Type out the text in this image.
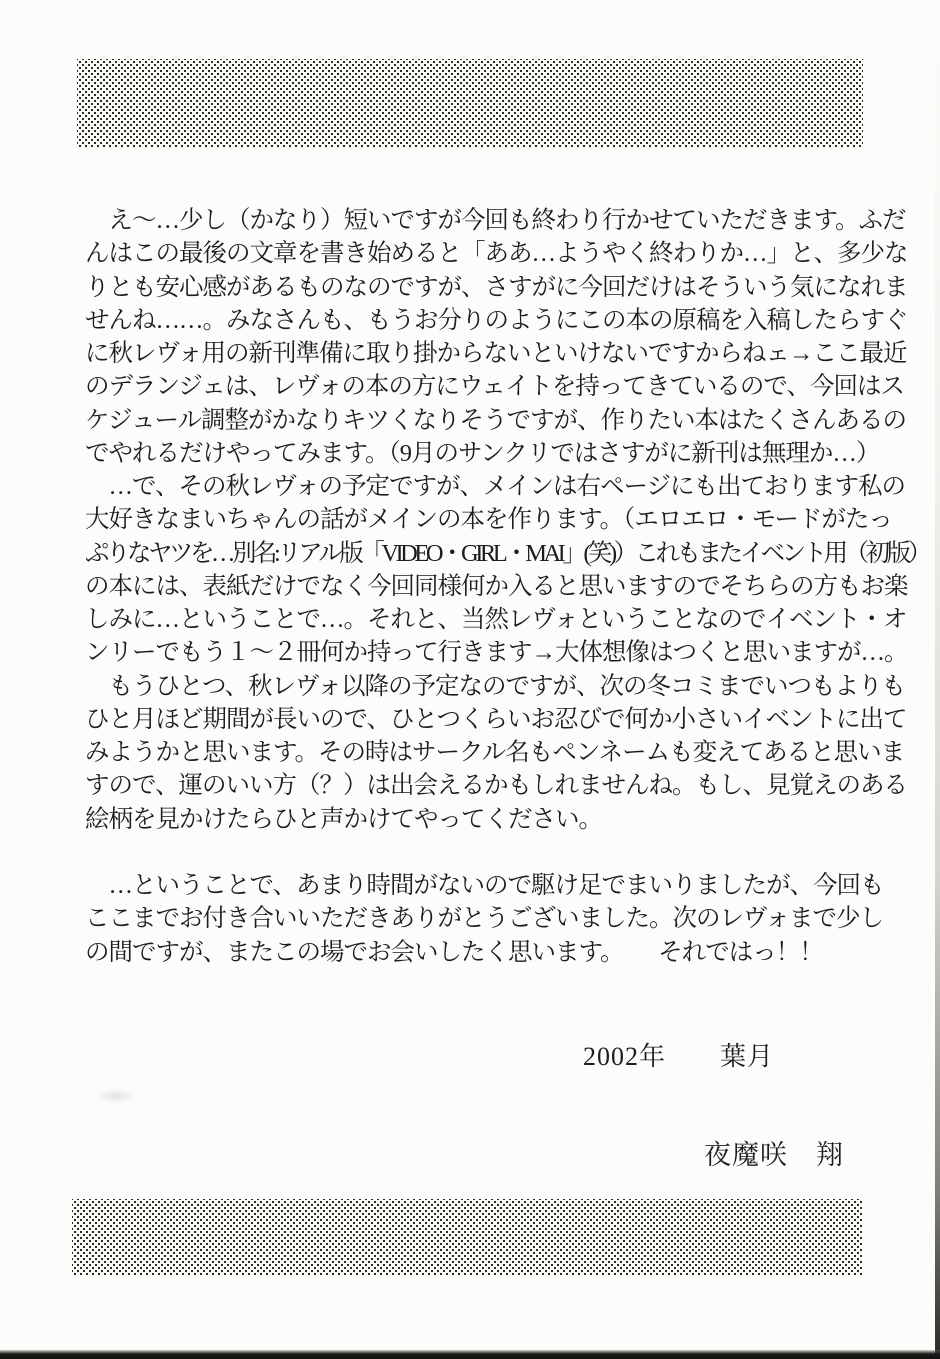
　え～…少し（かなり）短いですが今回も終わり行かせていただきます。ふだ
んはこの最後の文章を書き始めると「ああ…ようやく終わりか…」と、多少な
りとも安心感があるものなのですが、さすがに今回だけはそういう気になれま
せんね……。みなさんも、もうお分りのようにこの本の原稿を入稿したらすぐ
に秋レヴォ用の新刊準備に取り掛からないといけないですからねェ→ここ最近
のデランジェは、レヴォの本の方にウェイトを持ってきているので、今回はス
ケジュール調整がかなりキツくなりそうですが、作りたい本はたくさんあるの
でやれるだけやってみます。（9月のサンクリではさすがに新刊は無理か…）
　…で、その秋レヴォの予定ですが、メインは右ページにも出ております私の
大好きなまいちゃんの話がメインの本を作ります。（エロエロ・モードがたっ
ぷりなヤツを…別名:リアル版「VIDEO・GIRL・MAI」(笑)）これもまたイベント用（初版）
の本には、表紙だけでなく今回同様何か入ると思いますのでそちらの方もお楽
しみに…ということで…。それと、当然レヴォということなのでイベント・オ
ンリーでもう１～２冊何か持って行きます→大体想像はつくと思いますが…。
　もうひとつ、秋レヴォ以降の予定なのですが、次の冬コミまでいつもよりも
ひと月ほど期間が長いので、ひとつくらいお忍びで何か小さいイベントに出て
みようかと思います。その時はサークル名もペンネームも変えてあると思いま
すので、運のいい方（？）は出会えるかもしれませんね。もし、見覚えのある
絵柄を見かけたらひと声かけてやってください。
　…ということで、あまり時間がないので駆け足でまいりましたが、今回も
ここまでお付き合いいただきありがとうございました。次のレヴォまで少し
の間ですが、またこの場でお会いしたく思います。　　それではっ！！
2002年　　葉月
夜魔咲　翔
